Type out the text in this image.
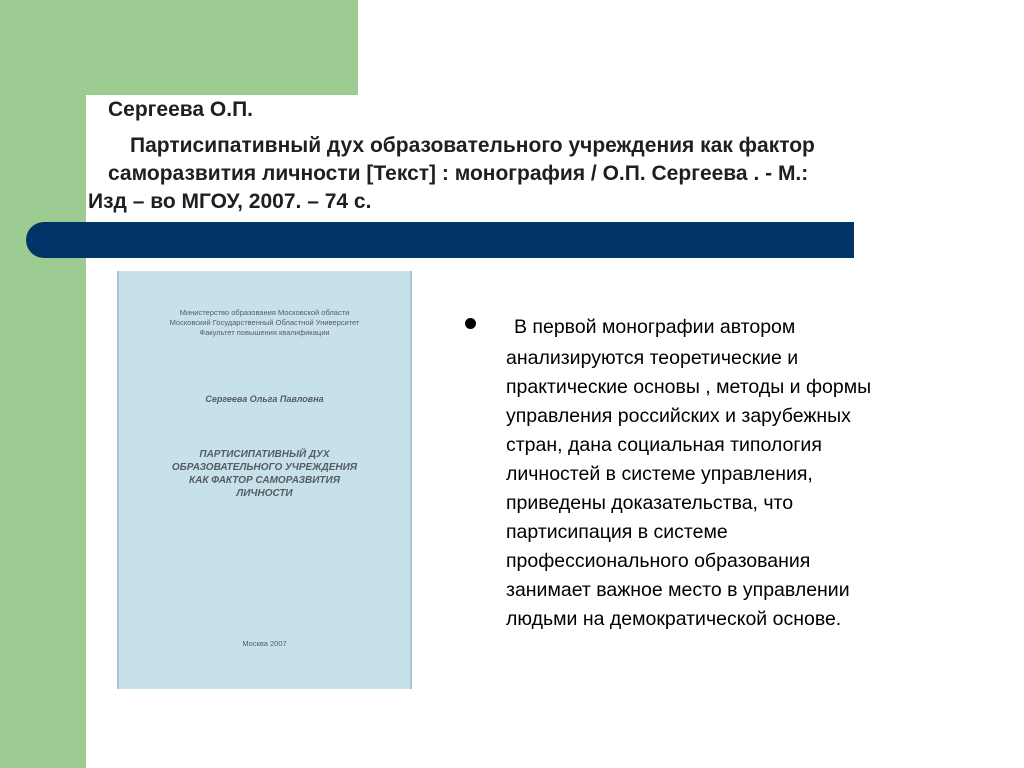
Сергеева О.П.
Партисипативный дух образовательного учреждения как фактор
саморазвития личности [Текст] : монография / О.П. Сергеева . - М.:
Изд – во МГОУ, 2007. – 74 с.
Министерство образования Московской области
Московский Государственный Областной Университет
Факультет повышения квалификации
Сергеева Ольга Павловна
ПАРТИСИПАТИВНЫЙ ДУХ
ОБРАЗОВАТЕЛЬНОГО УЧРЕЖДЕНИЯ
КАК ФАКТОР САМОРАЗВИТИЯ
ЛИЧНОСТИ
Москва 2007
В первой монографии автором
анализируются теоретические и
практические основы , методы и формы
управления российских и зарубежных
стран, дана социальная типология
личностей в системе управления,
приведены доказательства, что
партисипация в системе
профессионального образования
занимает важное место в управлении
людьми на демократической основе.
